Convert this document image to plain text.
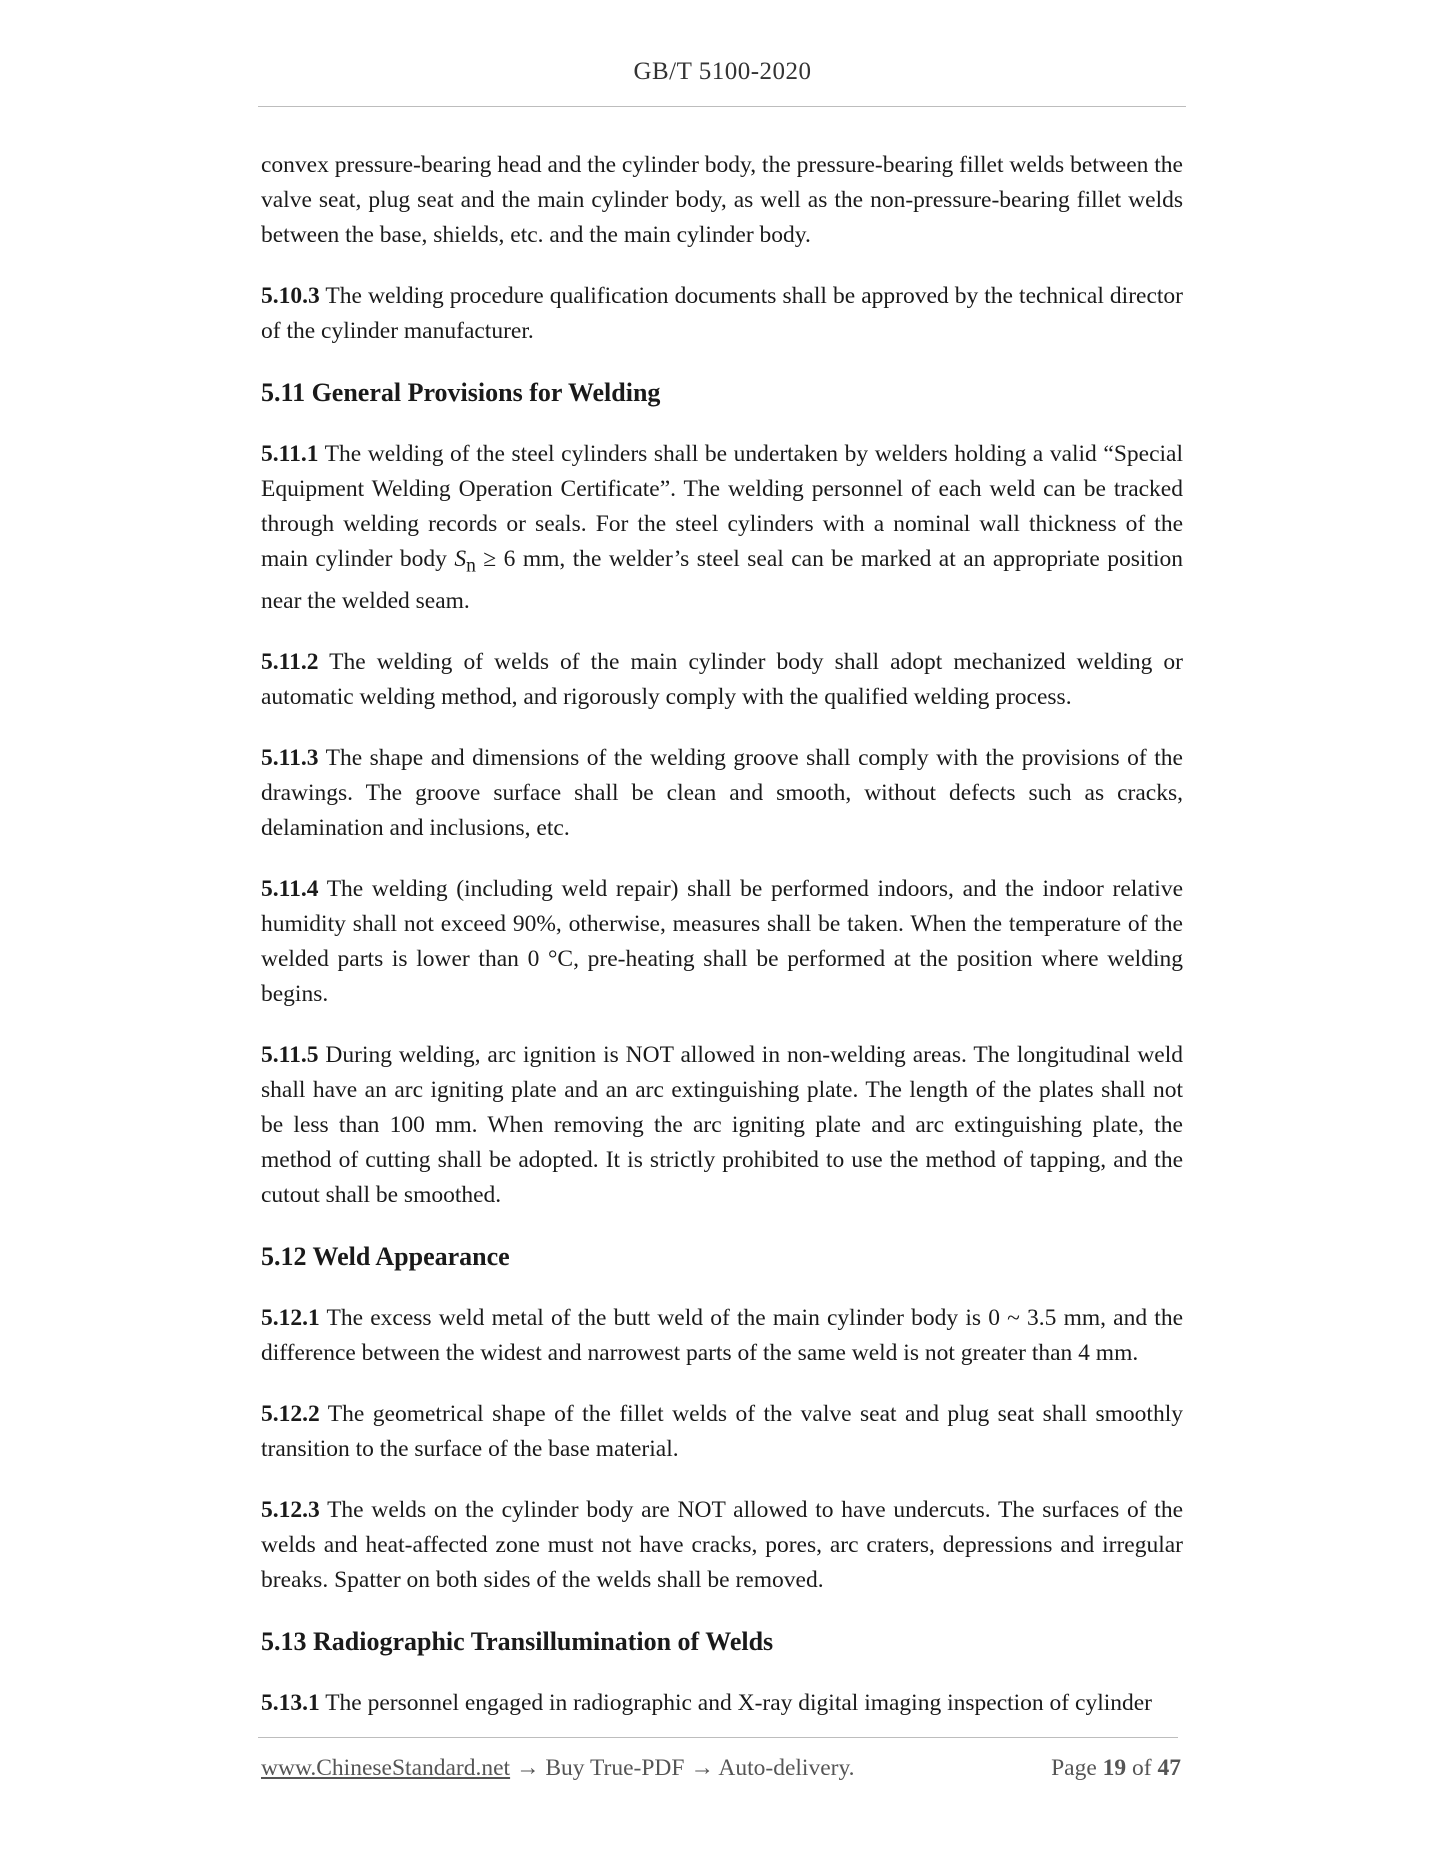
GB/T 5100-2020

convex pressure-bearing head and the cylinder body, the pressure-bearing fillet welds between the valve seat, plug seat and the main cylinder body, as well as the non-pressure-bearing fillet welds between the base, shields, etc. and the main cylinder body.

5.10.3 The welding procedure qualification documents shall be approved by the technical director of the cylinder manufacturer.

5.11 General Provisions for Welding

5.11.1 The welding of the steel cylinders shall be undertaken by welders holding a valid “Special Equipment Welding Operation Certificate”. The welding personnel of each weld can be tracked through welding records or seals. For the steel cylinders with a nominal wall thickness of the main cylinder body $S_n \ge 6$ mm, the welder’s steel seal can be marked at an appropriate position near the welded seam.

5.11.2 The welding of welds of the main cylinder body shall adopt mechanized welding or automatic welding method, and rigorously comply with the qualified welding process.

5.11.3 The shape and dimensions of the welding groove shall comply with the provisions of the drawings. The groove surface shall be clean and smooth, without defects such as cracks, delamination and inclusions, etc.

5.11.4 The welding (including weld repair) shall be performed indoors, and the indoor relative humidity shall not exceed 90%, otherwise, measures shall be taken. When the temperature of the welded parts is lower than 0 °C, pre-heating shall be performed at the position where welding begins.

5.11.5 During welding, arc ignition is NOT allowed in non-welding areas. The longitudinal weld shall have an arc igniting plate and an arc extinguishing plate. The length of the plates shall not be less than 100 mm. When removing the arc igniting plate and arc extinguishing plate, the method of cutting shall be adopted. It is strictly prohibited to use the method of tapping, and the cutout shall be smoothed.

5.12 Weld Appearance

5.12.1 The excess weld metal of the butt weld of the main cylinder body is 0 ~ 3.5 mm, and the difference between the widest and narrowest parts of the same weld is not greater than 4 mm.

5.12.2 The geometrical shape of the fillet welds of the valve seat and plug seat shall smoothly transition to the surface of the base material.

5.12.3 The welds on the cylinder body are NOT allowed to have undercuts. The surfaces of the welds and heat-affected zone must not have cracks, pores, arc craters, depressions and irregular breaks. Spatter on both sides of the welds shall be removed.

5.13 Radiographic Transillumination of Welds

5.13.1 The personnel engaged in radiographic and X-ray digital imaging inspection of cylinder

www.ChineseStandard.net → Buy True-PDF → Auto-delivery.	Page 19 of 47
